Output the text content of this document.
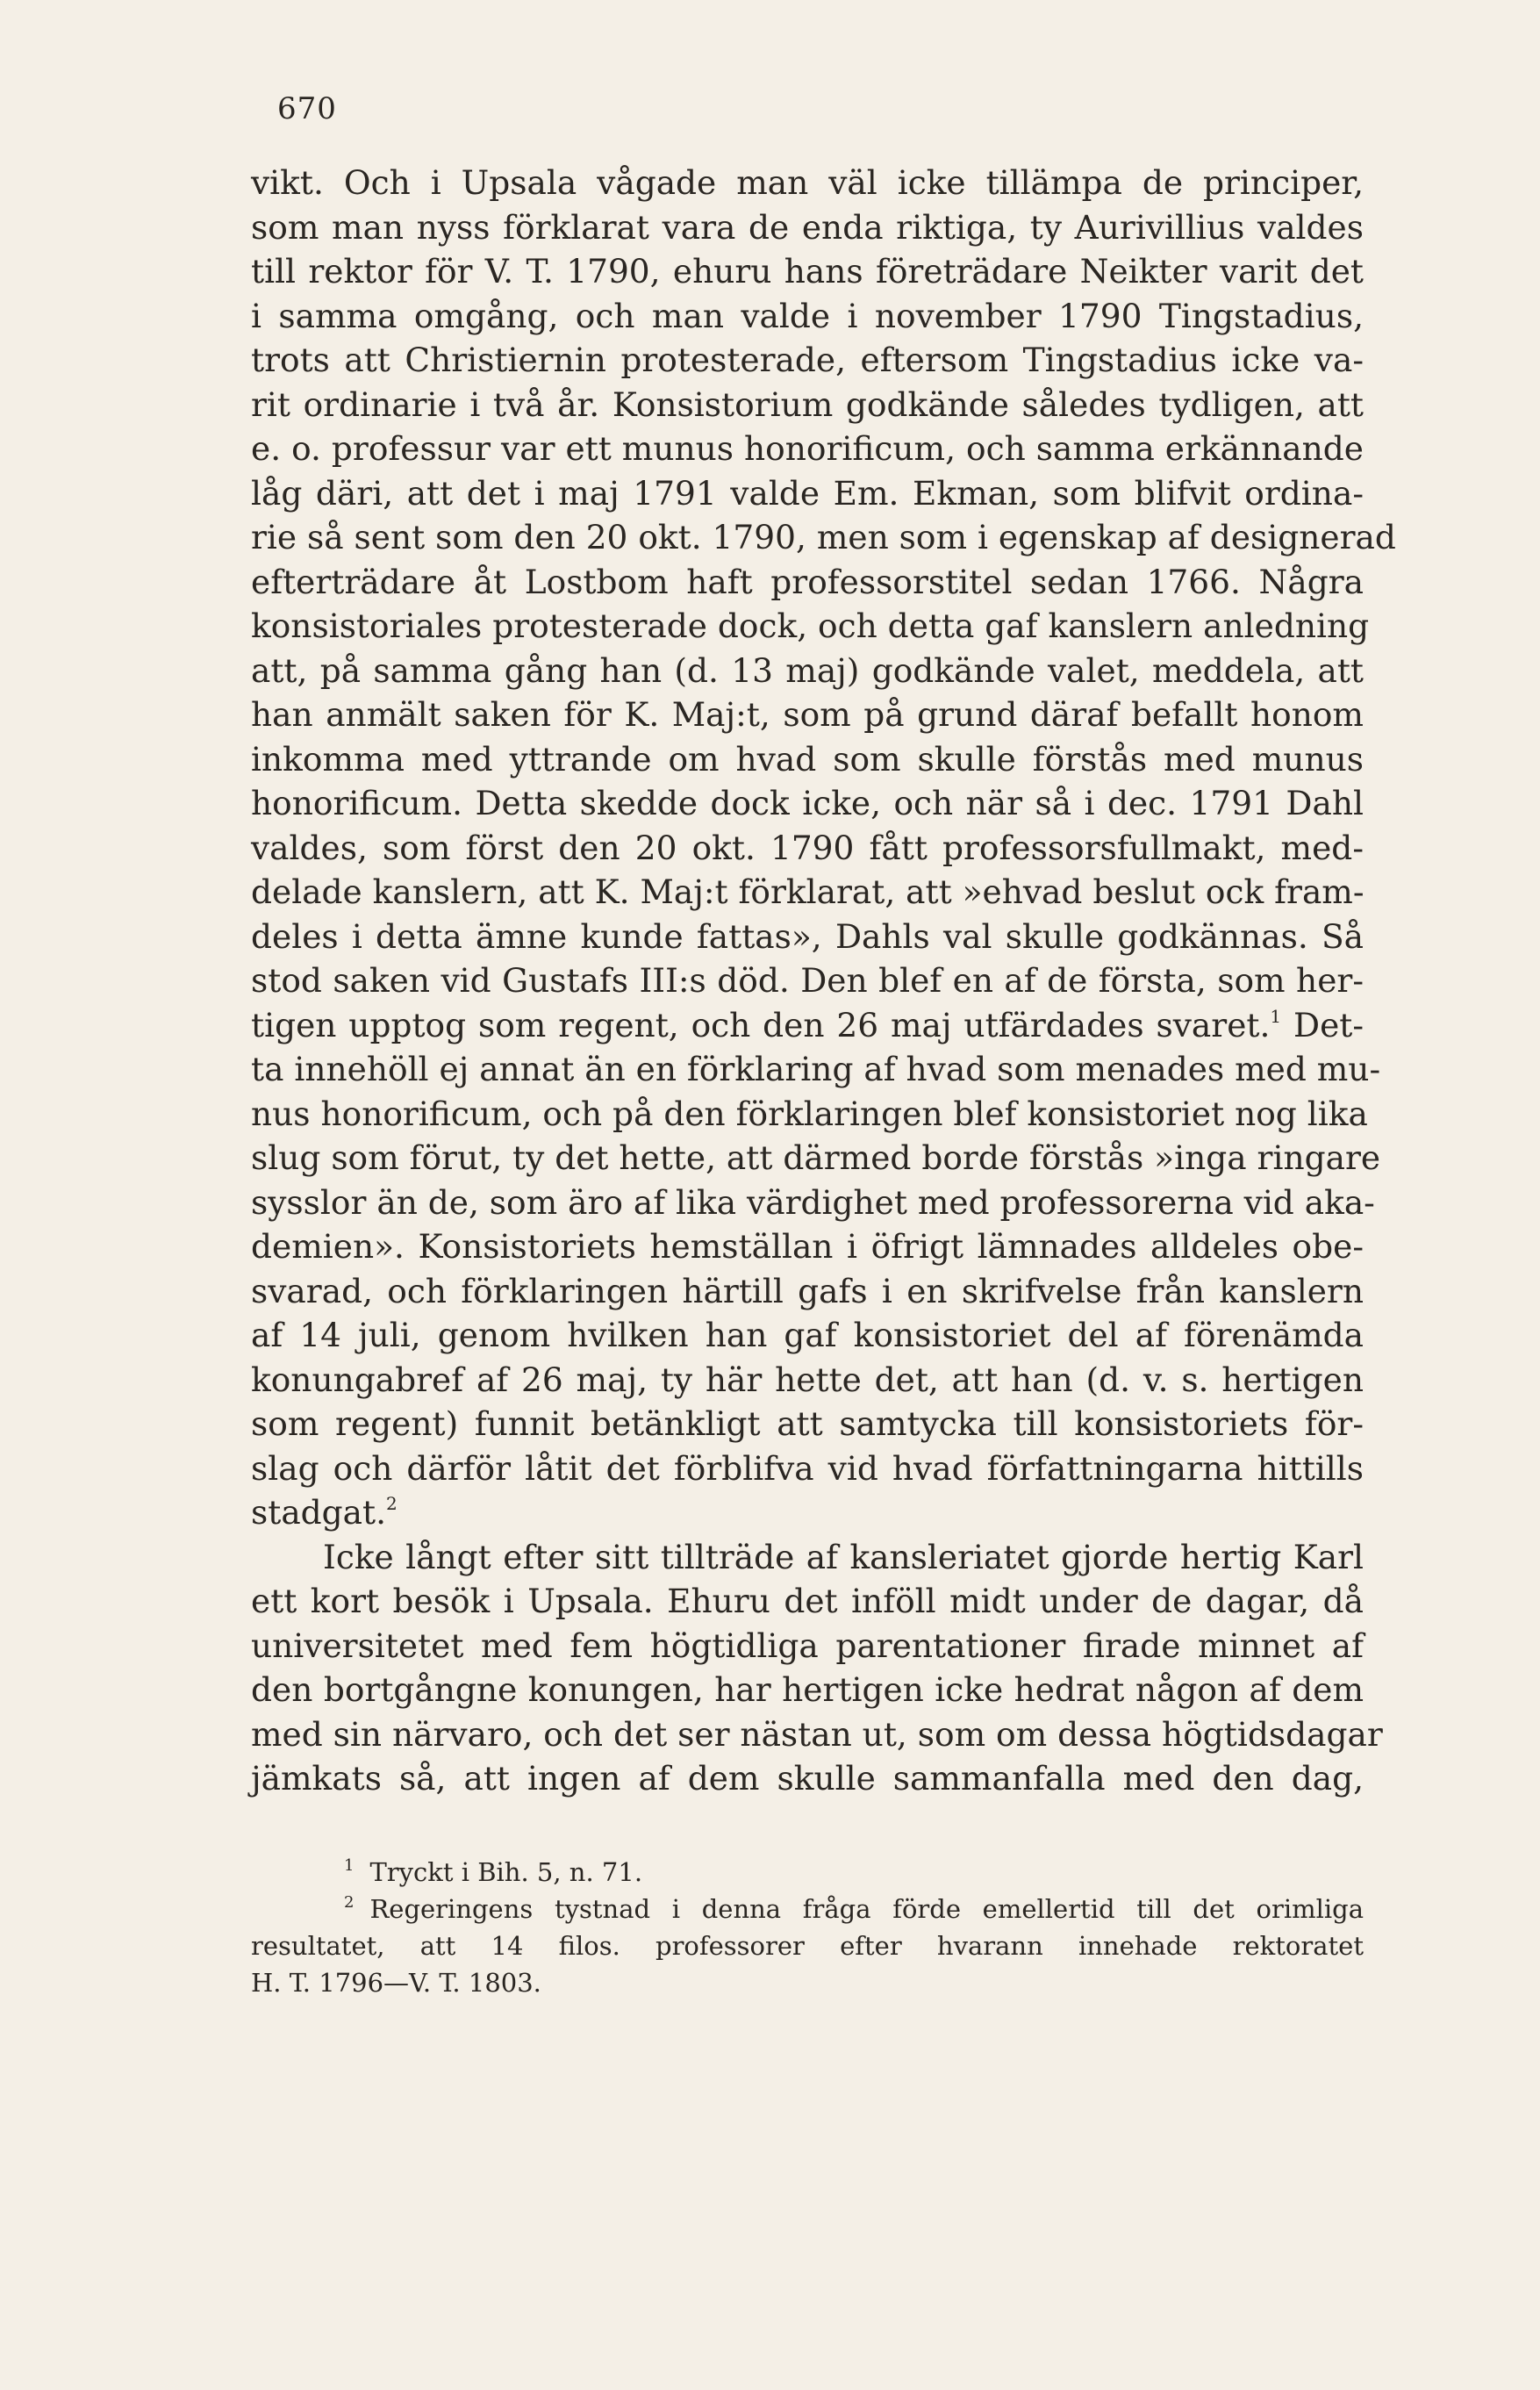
670
vikt. Och i Upsala vågade man väl icke tillämpa de principer,
som man nyss förklarat vara de enda riktiga, ty Aurivillius valdes
till rektor för V. T. 1790, ehuru hans företrädare Neikter varit det
i samma omgång, och man valde i november 1790 Tingstadius,
trots att Christiernin protesterade, eftersom Tingstadius icke va-
rit ordinarie i två år. Konsistorium godkände således tydligen, att
e. o. professur var ett munus honorificum, och samma erkännande
låg däri, att det i maj 1791 valde Em. Ekman, som blifvit ordina-
rie så sent som den 20 okt. 1790, men som i egenskap af designerad
efterträdare åt Lostbom haft professorstitel sedan 1766. Några
konsistoriales protesterade dock, och detta gaf kanslern anledning
att, på samma gång han (d. 13 maj) godkände valet, meddela, att
han anmält saken för K. Maj:t, som på grund däraf befallt honom
inkomma med yttrande om hvad som skulle förstås med munus
honorificum. Detta skedde dock icke, och när så i dec. 1791 Dahl
valdes, som först den 20 okt. 1790 fått professorsfullmakt, med-
delade kanslern, att K. Maj:t förklarat, att »ehvad beslut ock fram-
deles i detta ämne kunde fattas», Dahls val skulle godkännas. Så
stod saken vid Gustafs III:s död. Den blef en af de första, som her-
tigen upptog som regent, och den 26 maj utfärdades svaret.$^1$ Det-
ta innehöll ej annat än en förklaring af hvad som menades med mu-
nus honorificum, och på den förklaringen blef konsistoriet nog lika
slug som förut, ty det hette, att därmed borde förstås »inga ringare
sysslor än de, som äro af lika värdighet med professorerna vid aka-
demien». Konsistoriets hemställan i öfrigt lämnades alldeles obe-
svarad, och förklaringen härtill gafs i en skrifvelse från kanslern
af 14 juli, genom hvilken han gaf konsistoriet del af förenämda
konungabref af 26 maj, ty här hette det, att han (d. v. s. hertigen
som regent) funnit betänkligt att samtycka till konsistoriets för-
slag och därför låtit det förblifva vid hvad författningarna hittills
stadgat.$^2$
Icke långt efter sitt tillträde af kansleriatet gjorde hertig Karl
ett kort besök i Upsala. Ehuru det inföll midt under de dagar, då
universitetet med fem högtidliga parentationer firade minnet af
den bortgångne konungen, har hertigen icke hedrat någon af dem
med sin närvaro, och det ser nästan ut, som om dessa högtidsdagar
jämkats så, att ingen af dem skulle sammanfalla med den dag,
1 Tryckt i Bih. 5, n. 71.
2 Regeringens tystnad i denna fråga förde emellertid till det orimliga
resultatet, att 14 filos. professorer efter hvarann innehade rektoratet
H. T. 1796—V. T. 1803.
